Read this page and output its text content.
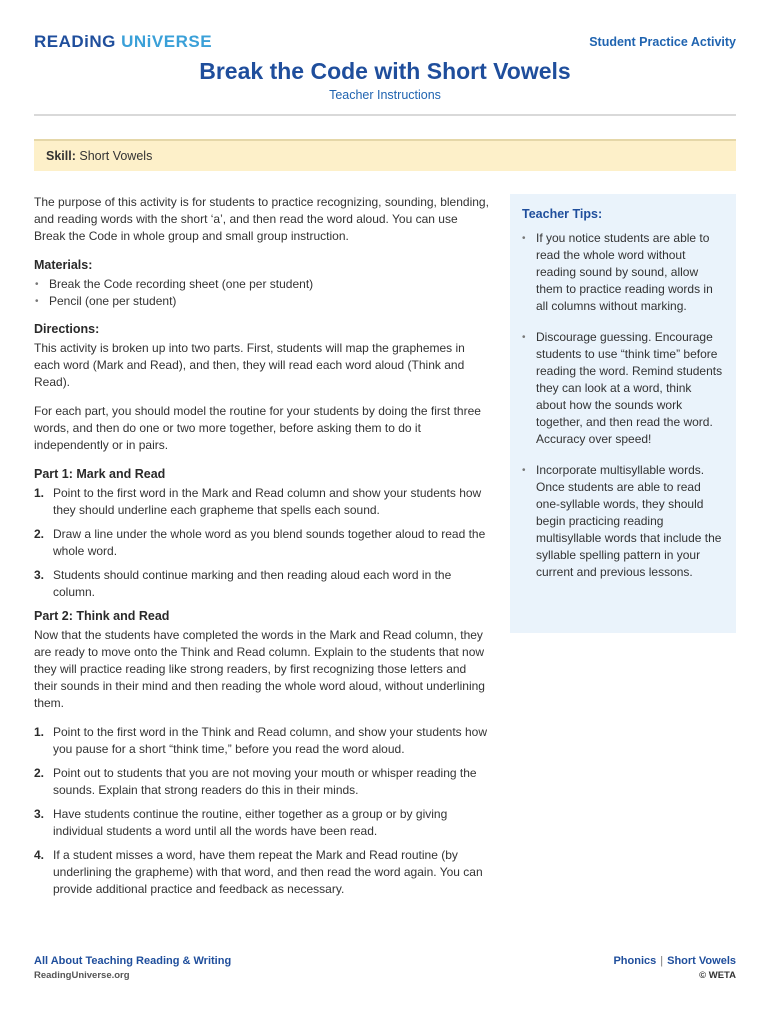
READiNG UNiVERSE	Student Practice Activity
Break the Code with Short Vowels
Teacher Instructions
Skill: Short Vowels

The purpose of this activity is for students to practice recognizing, sounding, blending, and reading words with the short ‘a’, and then read the word aloud. You can use Break the Code in whole group and small group instruction.

Materials:
• Break the Code recording sheet (one per student)
• Pencil (one per student)
Directions:

This activity is broken up into two parts. First, students will map the graphemes in each word (Mark and Read), and then, they will read each word aloud (Think and Read).

For each part, you should model the routine for your students by doing the first three words, and then do one or two more together, before asking them to do it independently or in pairs.

Part 1: Mark and Read
1. Point to the first word in the Mark and Read column and show your students how they should underline each grapheme that spells each sound.
2. Draw a line under the whole word as you blend sounds together aloud to read the whole word.
3. Students should continue marking and then reading aloud each word in the column.
Part 2: Think and Read

Now that the students have completed the words in the Mark and Read column, they are ready to move onto the Think and Read column. Explain to the students that now they will practice reading like strong readers, by first recognizing those letters and their sounds in their mind and then reading the whole word aloud, without underlining them.

1. Point to the first word in the Think and Read column, and show your students how you pause for a short “think time,” before you read the word aloud.
2. Point out to students that you are not moving your mouth or whisper reading the sounds. Explain that strong readers do this in their minds.
3. Have students continue the routine, either together as a group or by giving individual students a word until all the words have been read.
4. If a student misses a word, have them repeat the Mark and Read routine (by underlining the grapheme) with that word, and then read the word again. You can provide additional practice and feedback as necessary.
Teacher Tips:
• If you notice students are able to read the whole word without reading sound by sound, allow them to practice reading words in all columns without marking.
• Discourage guessing. Encourage students to use “think time” before reading the word. Remind students they can look at a word, think about how the sounds work together, and then read the word. Accuracy over speed!
• Incorporate multisyllable words. Once students are able to read one-syllable words, they should begin practicing reading multisyllable words that include the syllable spelling pattern in your current and previous lessons.
All About Teaching Reading & Writing
ReadingUniverse.org
Phonics | Short Vowels
© WETA
